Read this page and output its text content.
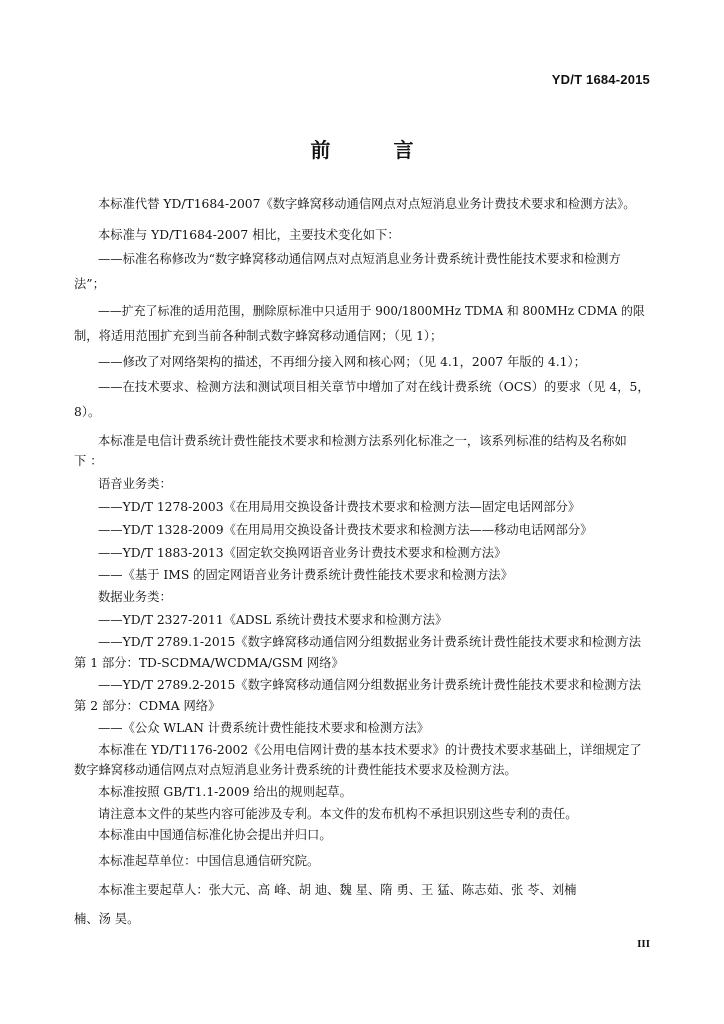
YD/T 1684-2015
前 言
本标准代替 YD/T1684-2007《数字蜂窝移动通信网点对点短消息业务计费技术要求和检测方法》。
本标准与 YD/T1684-2007 相比，主要技术变化如下：
——标准名称修改为“数字蜂窝移动通信网点对点短消息业务计费系统计费性能技术要求和检测方
法”；
——扩充了标准的适用范围，删除原标准中只适用于 900/1800MHz TDMA 和 800MHz CDMA 的限
制，将适用范围扩充到当前各种制式数字蜂窝移动通信网；（见 1）；
——修改了对网络架构的描述，不再细分接入网和核心网；（见 4.1，2007 年版的 4.1）；
——在技术要求、检测方法和测试项目相关章节中增加了对在线计费系统（OCS）的要求（见 4，5，
8）。
本标准是电信计费系统计费性能技术要求和检测方法系列化标准之一，该系列标准的结构及名称如
下 ：
语音业务类：
——YD/T 1278-2003《在用局用交换设备计费技术要求和检测方法—固定电话网部分》
——YD/T 1328-2009《在用局用交换设备计费技术要求和检测方法——移动电话网部分》
——YD/T 1883-2013《固定软交换网语音业务计费技术要求和检测方法》
——《基于 IMS 的固定网语音业务计费系统计费性能技术要求和检测方法》
数据业务类：
——YD/T 2327-2011《ADSL 系统计费技术要求和检测方法》
——YD/T 2789.1-2015《数字蜂窝移动通信网分组数据业务计费系统计费性能技术要求和检测方法
第 1 部分：TD-SCDMA/WCDMA/GSM 网络》
——YD/T 2789.2-2015《数字蜂窝移动通信网分组数据业务计费系统计费性能技术要求和检测方法
第 2 部分：CDMA 网络》
——《公众 WLAN 计费系统计费性能技术要求和检测方法》
本标准在 YD/T1176-2002《公用电信网计费的基本技术要求》的计费技术要求基础上，详细规定了
数字蜂窝移动通信网点对点短消息业务计费系统的计费性能技术要求及检测方法。
本标准按照 GB/T1.1-2009 给出的规则起草。
请注意本文件的某些内容可能涉及专利。本文件的发布机构不承担识别这些专利的责任。
本标准由中国通信标准化协会提出并归口。
本标准起草单位：中国信息通信研究院。
本标准主要起草人：张大元、高 峰、胡 迪、魏 星、隋 勇、王 猛、陈志茹、张 苓、刘楠
楠、汤 昊。
III
